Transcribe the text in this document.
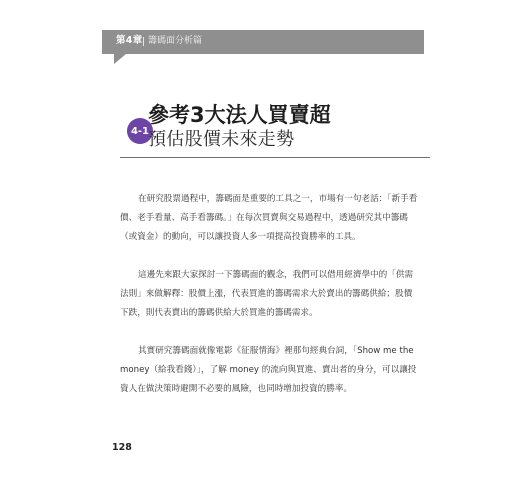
第4章 籌碼面分析篇
4-1
參考3大法人買賣超
預估股價未來走勢

在研究股票過程中，籌碼面是重要的工具之一，市場有一句老話：「新手看價、老手看量、高手看籌碼。」在每次買賣與交易過程中，透過研究其中籌碼（或資金）的動向，可以讓投資人多一項提高投資勝率的工具。

這邊先來跟大家探討一下籌碼面的觀念，我們可以借用經濟學中的「供需法則」來做解釋：股價上漲，代表買進的籌碼需求大於賣出的籌碼供給；股價下跌，則代表賣出的籌碼供給大於買進的籌碼需求。

其實研究籌碼面就像電影《征服情海》裡那句經典台詞，「Show me the money（給我看錢）」，了解 money 的流向與買進、賣出者的身分，可以讓投資人在做決策時避開不必要的風險，也同時增加投資的勝率。

128
